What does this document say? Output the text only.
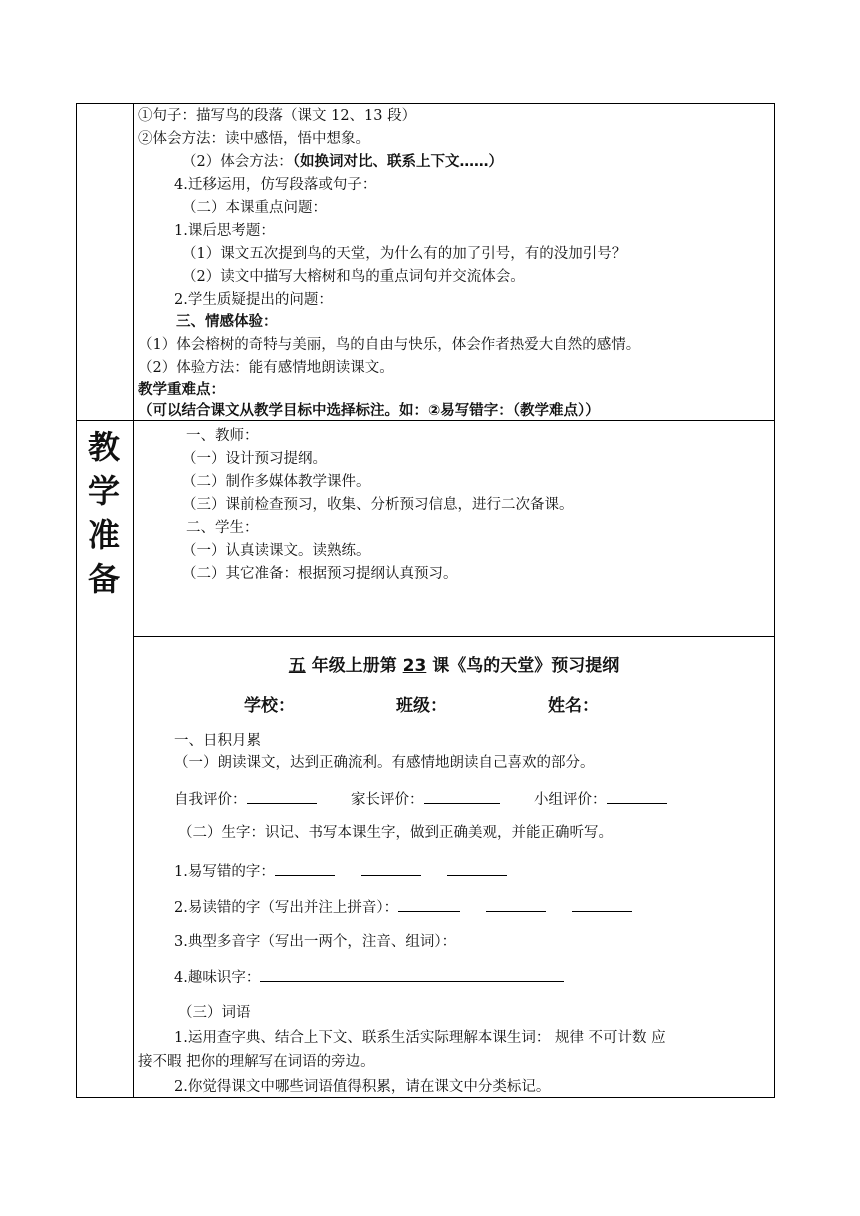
①句子：描写鸟的段落（课文 12、13 段）
②体会方法：读中感悟，悟中想象。
（2）体会方法：（如换词对比、联系上下文……）
4.迁移运用，仿写段落或句子：
（二）本课重点问题：
1.课后思考题：
（1）课文五次提到鸟的天堂，为什么有的加了引号，有的没加引号？
（2）读文中描写大榕树和鸟的重点词句并交流体会。
2.学生质疑提出的问题：
三、情感体验：
（1）体会榕树的奇特与美丽，鸟的自由与快乐，体会作者热爱大自然的感情。
（2）体验方法：能有感情地朗读课文。
教学重难点：
（可以结合课文从教学目标中选择标注。如：②易写错字：（教学难点））
教
学
准
备
一、教师：
（一）设计预习提纲。
（二）制作多媒体教学课件。
（三）课前检查预习，收集、分析预习信息，进行二次备课。
二、学生：
（一）认真读课文。读熟练。
（二）其它准备：根据预习提纲认真预习。
五 年级上册第 23 课《鸟的天堂》预习提纲
学校：	班级：	姓名：
一、日积月累
（一）朗读课文，达到正确流利。有感情地朗读自己喜欢的部分。
自我评价：	家长评价：	小组评价：
（二）生字：识记、书写本课生字，做到正确美观，并能正确听写。
1.易写错的字：
2.易读错的字（写出并注上拼音）：
3.典型多音字（写出一两个，注音、组词）：
4.趣味识字：
（三）词语
1.运用查字典、结合上下文、联系生活实际理解本课生词： 规律 不可计数 应
接不暇 把你的理解写在词语的旁边。
2.你觉得课文中哪些词语值得积累，请在课文中分类标记。
